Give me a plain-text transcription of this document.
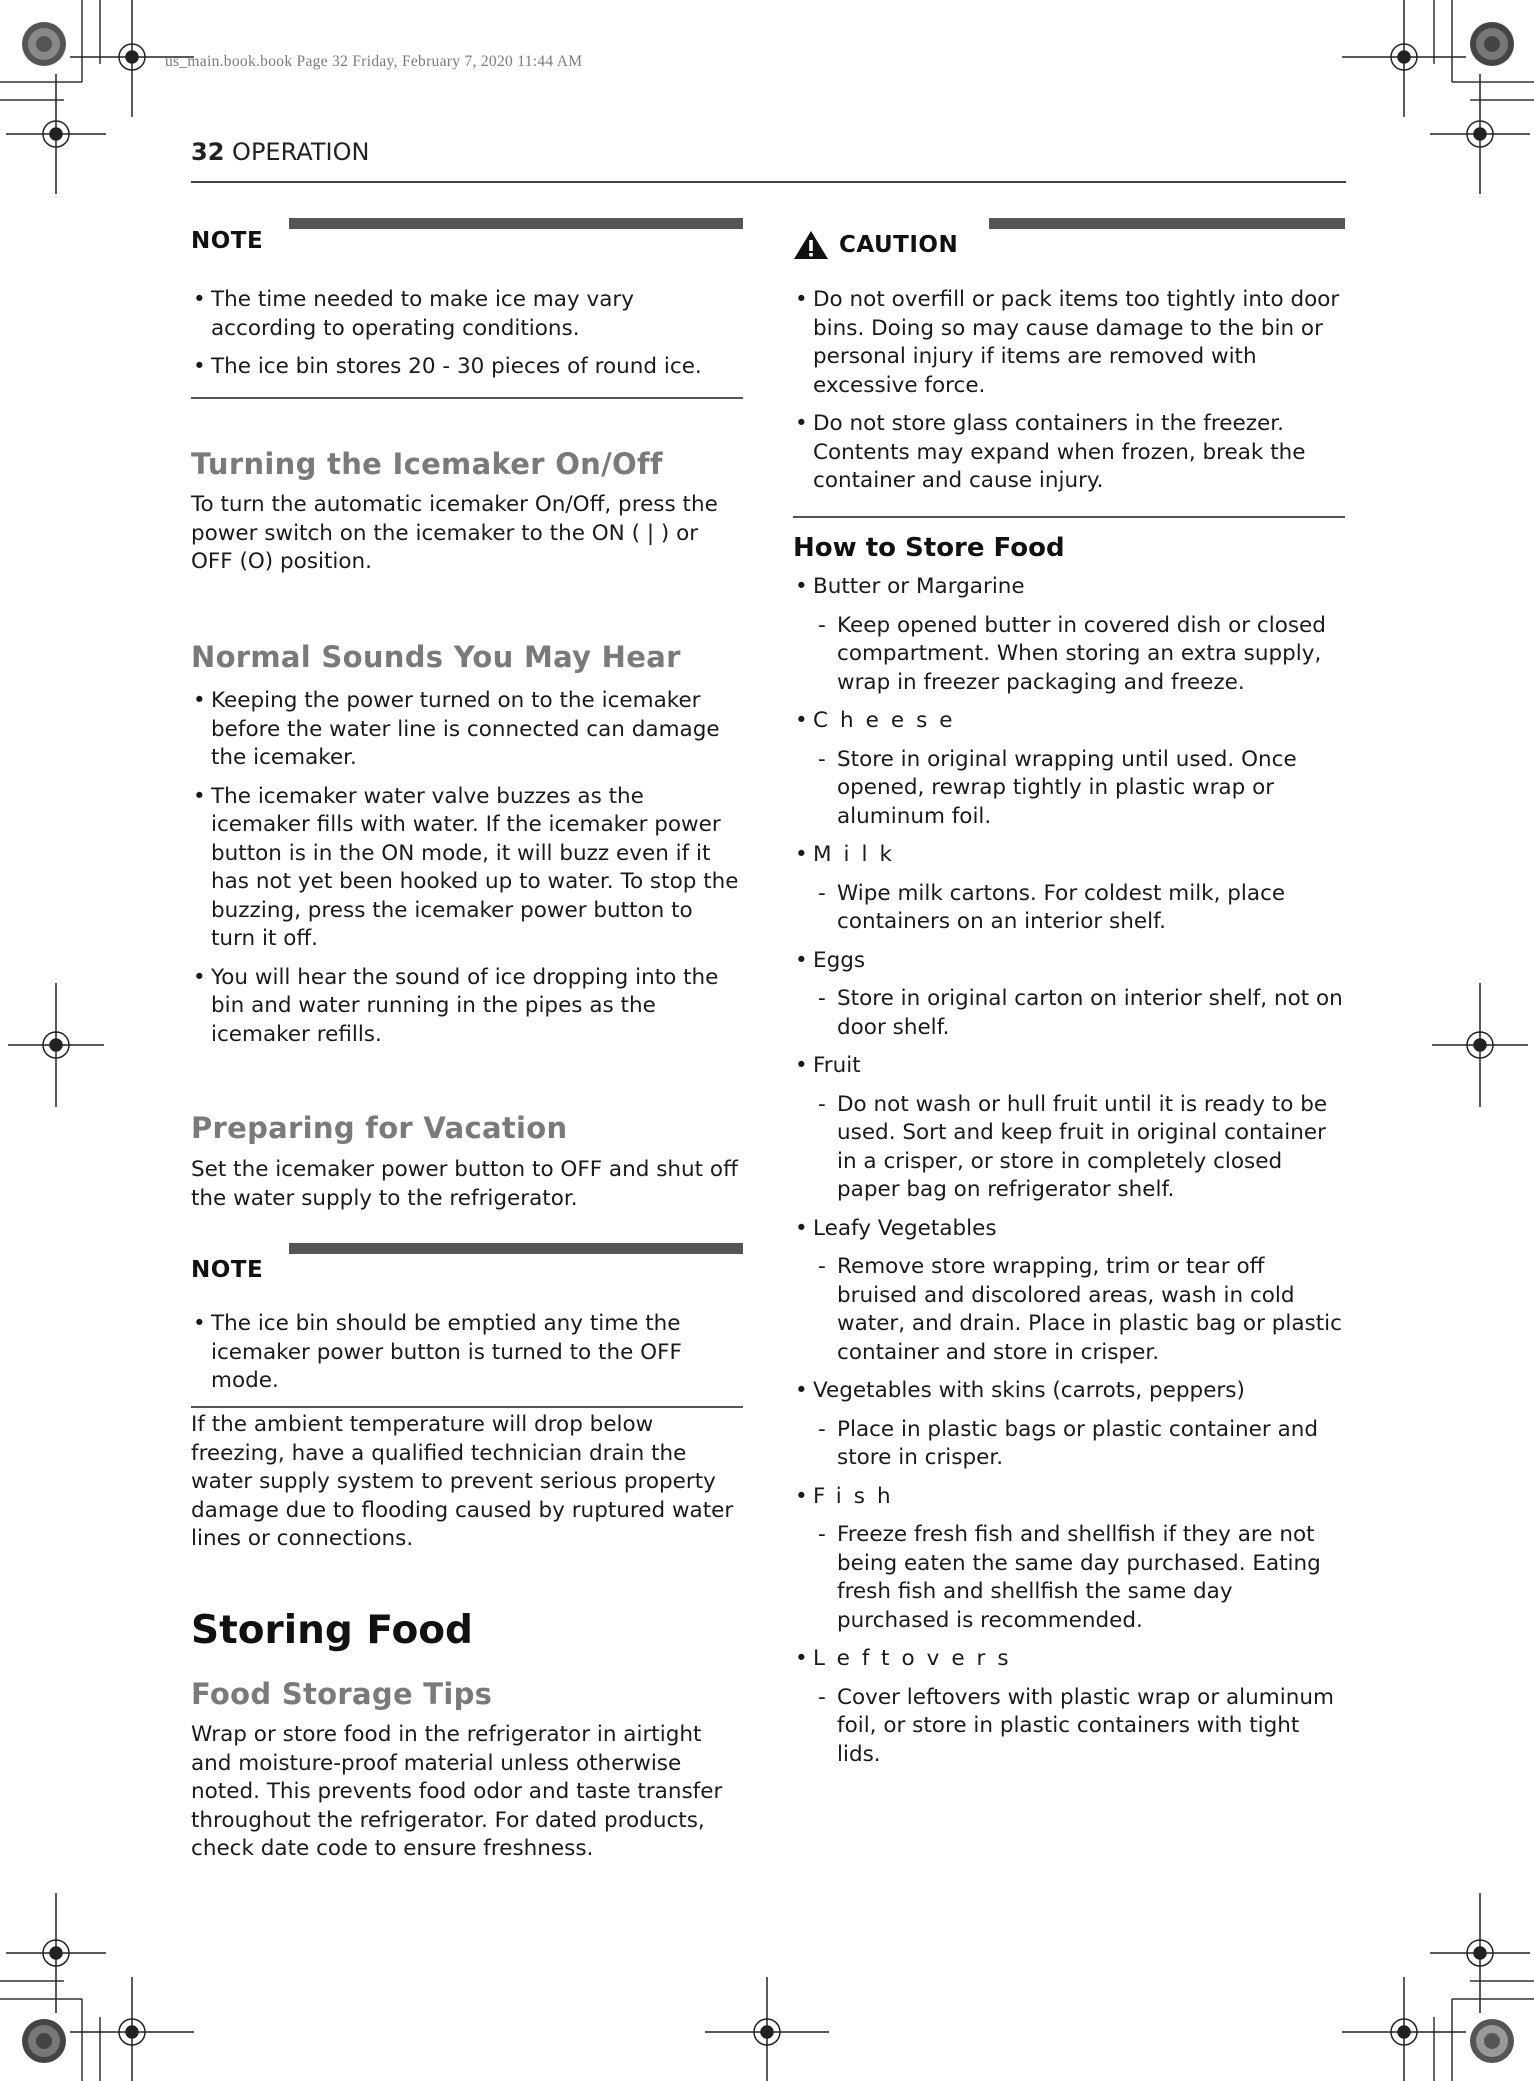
us_main.book.book Page 32 Friday, February 7, 2020 11:44 AM
32 OPERATION
NOTE
• The time needed to make ice may vary according to operating conditions.
• The ice bin stores 20 - 30 pieces of round ice.
Turning the Icemaker On/Off

To turn the automatic icemaker On/Off, press the power switch on the icemaker to the ON ( | ) or OFF (O) position.

Normal Sounds You May Hear
• Keeping the power turned on to the icemaker before the water line is connected can damage the icemaker.
• The icemaker water valve buzzes as the icemaker fills with water. If the icemaker power button is in the ON mode, it will buzz even if it has not yet been hooked up to water. To stop the buzzing, press the icemaker power button to turn it off.
• You will hear the sound of ice dropping into the bin and water running in the pipes as the icemaker refills.
Preparing for Vacation

Set the icemaker power button to OFF and shut off the water supply to the refrigerator.

NOTE
• The ice bin should be emptied any time the icemaker power button is turned to the OFF mode.

If the ambient temperature will drop below freezing, have a qualified technician drain the water supply system to prevent serious property damage due to flooding caused by ruptured water lines or connections.

Storing Food
Food Storage Tips

Wrap or store food in the refrigerator in airtight and moisture-proof material unless otherwise noted. This prevents food odor and taste transfer throughout the refrigerator. For dated products, check date code to ensure freshness.

CAUTION
• Do not overfill or pack items too tightly into door bins. Doing so may cause damage to the bin or personal injury if items are removed with excessive force.
• Do not store glass containers in the freezer. Contents may expand when frozen, break the container and cause injury.
How to Store Food
• Butter or Margarine
- Keep opened butter in covered dish or closed compartment. When storing an extra supply, wrap in freezer packaging and freeze.
• Cheese
- Store in original wrapping until used. Once opened, rewrap tightly in plastic wrap or aluminum foil.
• Milk
- Wipe milk cartons. For coldest milk, place containers on an interior shelf.
• Eggs
- Store in original carton on interior shelf, not on door shelf.
• Fruit
- Do not wash or hull fruit until it is ready to be used. Sort and keep fruit in original container in a crisper, or store in completely closed paper bag on refrigerator shelf.
• Leafy Vegetables
- Remove store wrapping, trim or tear off bruised and discolored areas, wash in cold water, and drain. Place in plastic bag or plastic container and store in crisper.
• Vegetables with skins (carrots, peppers)
- Place in plastic bags or plastic container and store in crisper.
• Fish
- Freeze fresh fish and shellfish if they are not being eaten the same day purchased. Eating fresh fish and shellfish the same day purchased is recommended.
• Leftovers
- Cover leftovers with plastic wrap or aluminum foil, or store in plastic containers with tight lids.
